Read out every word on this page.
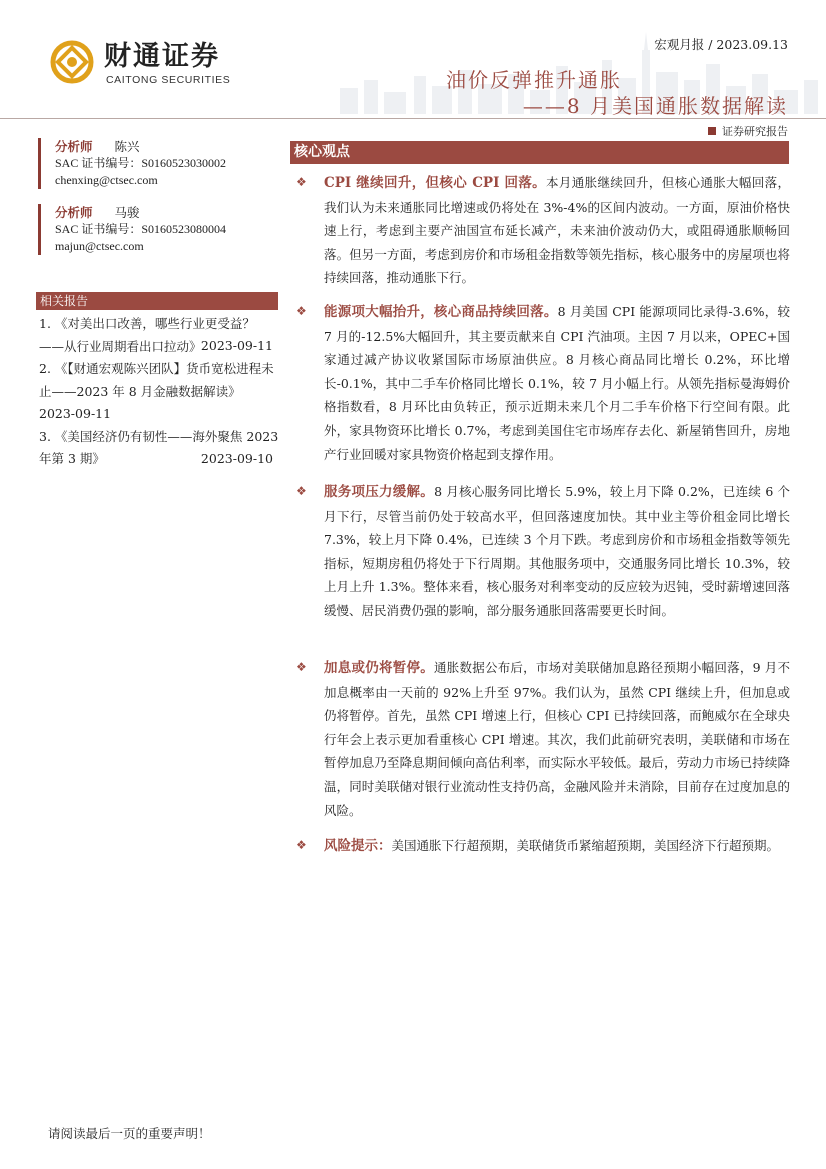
财通证券
CAITONG SECURITIES
宏观月报 / 2023.09.13
油价反弹推升通胀
——8 月美国通胀数据解读
证券研究报告
分析师 陈兴
SAC 证书编号：S0160523030002
chenxing@ctsec.com
分析师 马骏
SAC 证书编号：S0160523080004
majun@ctsec.com
相关报告
1. 《对美出口改善，哪些行业更受益？——从行业周期看出口拉动》 2023-09-11
2. 《【财通宏观陈兴团队】货币宽松进程未止——2023 年 8 月金融数据解读》
2023-09-11
3. 《美国经济仍有韧性——海外聚焦 2023 年第 3 期》	2023-09-10
核心观点
❖ CPI 继续回升，但核心 CPI 回落。本月通胀继续回升，但核心通胀大幅回落，我们认为未来通胀同比增速或仍将处在 3%-4%的区间内波动。一方面，原油价格快速上行，考虑到主要产油国宣布延长减产，未来油价波动仍大，或阻碍通胀顺畅回落。但另一方面，考虑到房价和市场租金指数等领先指标，核心服务中的房屋项也将持续回落，推动通胀下行。
❖ 能源项大幅抬升，核心商品持续回落。8 月美国 CPI 能源项同比录得-3.6%，较 7 月的-12.5%大幅回升，其主要贡献来自 CPI 汽油项。主因 7 月以来，OPEC+国家通过减产协议收紧国际市场原油供应。8 月核心商品同比增长 0.2%，环比增长-0.1%，其中二手车价格同比增长 0.1%，较 7 月小幅上行。从领先指标曼海姆价格指数看，8 月环比由负转正，预示近期未来几个月二手车价格下行空间有限。此外，家具物资环比增长 0.7%，考虑到美国住宅市场库存去化、新屋销售回升，房地产行业回暖对家具物资价格起到支撑作用。
❖ 服务项压力缓解。8 月核心服务同比增长 5.9%，较上月下降 0.2%，已连续 6 个月下行，尽管当前仍处于较高水平，但回落速度加快。其中业主等价租金同比增长 7.3%，较上月下降 0.4%，已连续 3 个月下跌。考虑到房价和市场租金指数等领先指标，短期房租仍将处于下行周期。其他服务项中，交通服务同比增长 10.3%，较上月上升 1.3%。整体来看，核心服务对利率变动的反应较为迟钝，受时薪增速回落缓慢、居民消费仍强的影响，部分服务通胀回落需要更长时间。
❖ 加息或仍将暂停。通胀数据公布后，市场对美联储加息路径预期小幅回落，9 月不加息概率由一天前的 92%上升至 97%。我们认为，虽然 CPI 继续上升，但加息或仍将暂停。首先，虽然 CPI 增速上行，但核心 CPI 已持续回落，而鲍威尔在全球央行年会上表示更加看重核心 CPI 增速。其次，我们此前研究表明，美联储和市场在暂停加息乃至降息期间倾向高估利率，而实际水平较低。最后，劳动力市场已持续降温，同时美联储对银行业流动性支持仍高，金融风险并未消除，目前存在过度加息的风险。
❖ 风险提示：美国通胀下行超预期，美联储货币紧缩超预期，美国经济下行超预期。
请阅读最后一页的重要声明！
